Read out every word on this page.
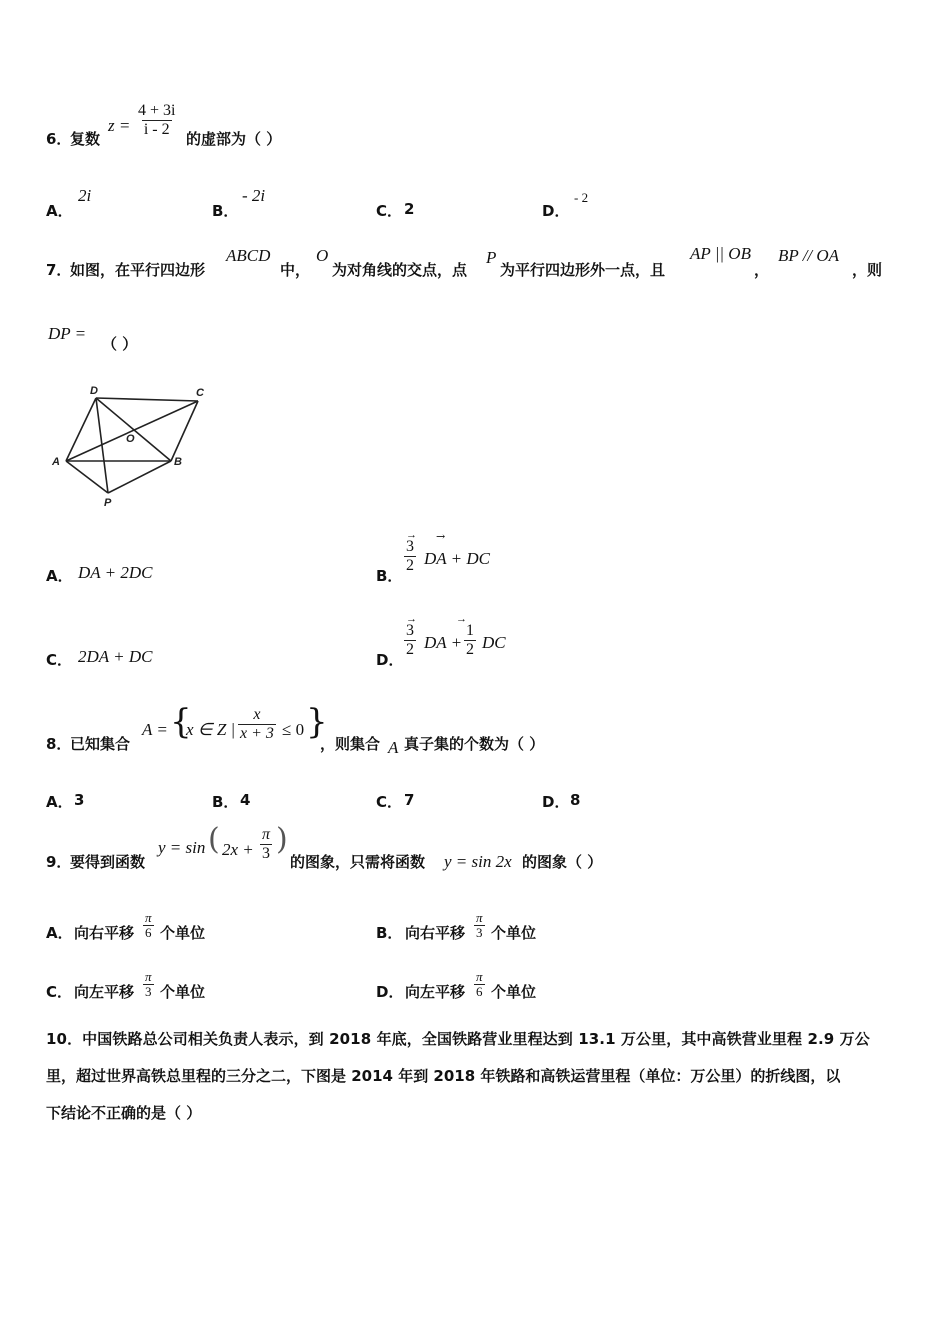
6．
复数
$z = \frac{4 + 3i}{i - 2}$
的虚部为（ ）
A．
2i
B．
- 2i
C． 2	D．
- 2
7．
如图，在平行四边形
ABCD
中，
O
为对角线的交点，点
P
为平行四边形外一点，且
AP || OB
，
BP // OA
，则
DP =
（ ）
A	B
C
D
O
P
A． DA + 2DC	B．
3
→
2 DA + DC
→
C． 2DA + DC	D．
3
→
2 DA + 1
→
2 DC
8．
已知集合
A = {
x ∈ Z | $\frac{x}{x + 3} \le 0$ }
，则集合 A 真子集的个数为（ ）
A． 3	B． 4	C． 7	D． 8
9．
要得到函数
y = sin ( $2x + \frac{\pi}{3}$ )
的图象，只需将函数 y = sin 2x 的图象（ ）
A． 向右平移 $\frac{\pi}{6}$ 个单位	B． 向右平移 $\frac{\pi}{3}$ 个单位
C． 向左平移 $\frac{\pi}{3}$ 个单位	D． 向左平移 $\frac{\pi}{6}$ 个单位
10．中国铁路总公司相关负责人表示，到 2018 年底，全国铁路营业里程达到 13.1 万公里，其中高铁营业里程 2.9 万公
里，超过世界高铁总里程的三分之二，下图是 2014 年到 2018 年铁路和高铁运营里程（单位：万公里）的折线图，以
下结论不正确的是（ ）
